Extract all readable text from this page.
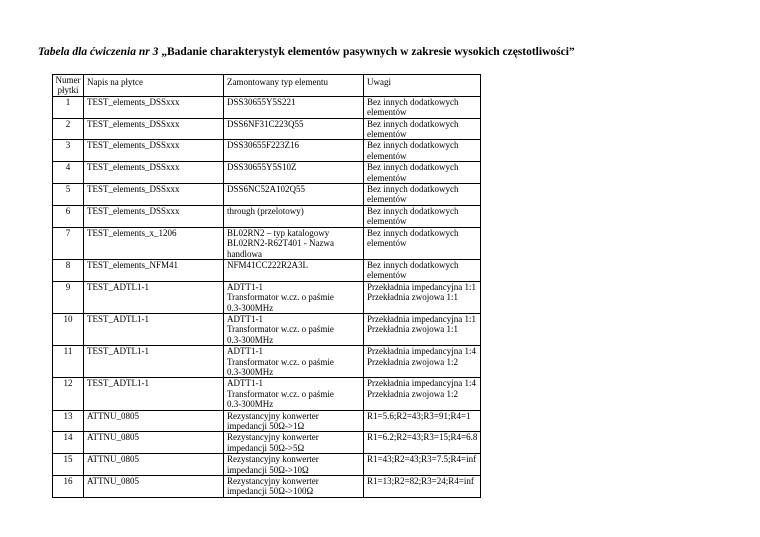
Tabela dla ćwiczenia nr 3 „Badanie charakterystyk elementów pasywnych w zakresie wysokich częstotliwości”
Numer
płytki	Napis na płytce	Zamontowany typ elementu	Uwagi
1	TEST_elements_DSSxxx	DSS30655Y5S221	Bez innych dodatkowych
elementów

2	TEST_elements_DSSxxx	DSS6NF31C223Q55	Bez innych dodatkowych
elementów

3	TEST_elements_DSSxxx	DSS30655F223Z16	Bez innych dodatkowych
elementów

4	TEST_elements_DSSxxx	DSS30655Y5S10Z	Bez innych dodatkowych
elementów

5	TEST_elements_DSSxxx	DSS6NC52A102Q55	Bez innych dodatkowych
elementów

6	TEST_elements_DSSxxx	through (przelotowy)	Bez innych dodatkowych
elementów

7	TEST_elements_x_1206	BL02RN2 – typ katalogowy
BL02RN2-R62T401 - Nazwa
handlowa	Bez innych dodatkowych
elementów

8	TEST_elements_NFM41	NFM41CC222R2A3L	Bez innych dodatkowych
elementów

9	TEST_ADTL1-1	ADTT1-1
Transformator w.cz. o paśmie
0.3-300MHz	Przekładnia impedancyjna 1:1
Przekładnia zwojowa 1:1

10	TEST_ADTL1-1	ADTT1-1
Transformator w.cz. o paśmie
0.3-300MHz	Przekładnia impedancyjna 1:1
Przekładnia zwojowa 1:1

11	TEST_ADTL1-1	ADTT1-1
Transformator w.cz. o paśmie
0.3-300MHz	Przekładnia impedancyjna 1:4
Przekładnia zwojowa 1:2

12	TEST_ADTL1-1	ADTT1-1
Transformator w.cz. o paśmie
0.3-300MHz	Przekładnia impedancyjna 1:4
Przekładnia zwojowa 1:2

13	ATTNU_0805	Rezystancyjny konwerter
impedancji 50Ω->1Ω	R1=5.6;R2=43;R3=91;R4=1

14	ATTNU_0805	Rezystancyjny konwerter
impedancji 50Ω->5Ω	R1=6.2;R2=43;R3=15;R4=6.8

15	ATTNU_0805	Rezystancyjny konwerter
impedancji 50Ω->10Ω	R1=43;R2=43;R3=7.5;R4=inf

16	ATTNU_0805	Rezystancyjny konwerter
impedancji 50Ω->100Ω	R1=13;R2=82;R3=24;R4=inf
